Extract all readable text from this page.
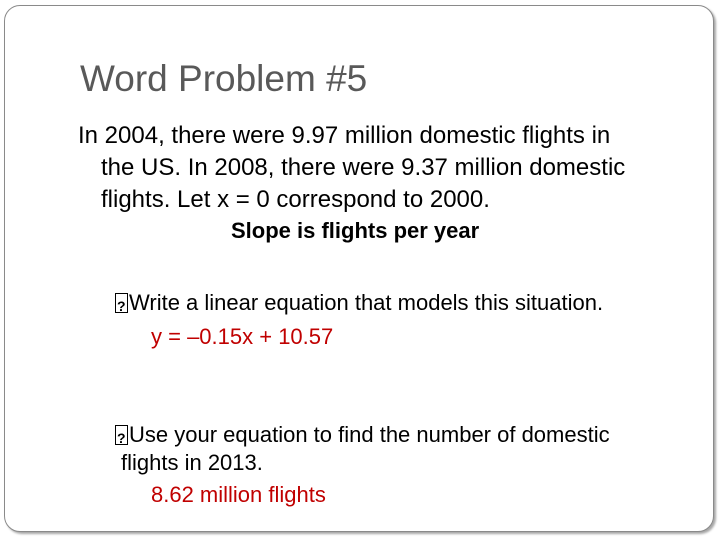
Word Problem #5
In 2004, there were 9.97 million domestic flights in
the US. In 2008, there were 9.37 million domestic
flights. Let x = 0 correspond to 2000.
Slope is flights per year
?Write a linear equation that models this situation.
y = –0.15x + 10.57
?Use your equation to find the number of domestic
flights in 2013.
8.62 million flights
